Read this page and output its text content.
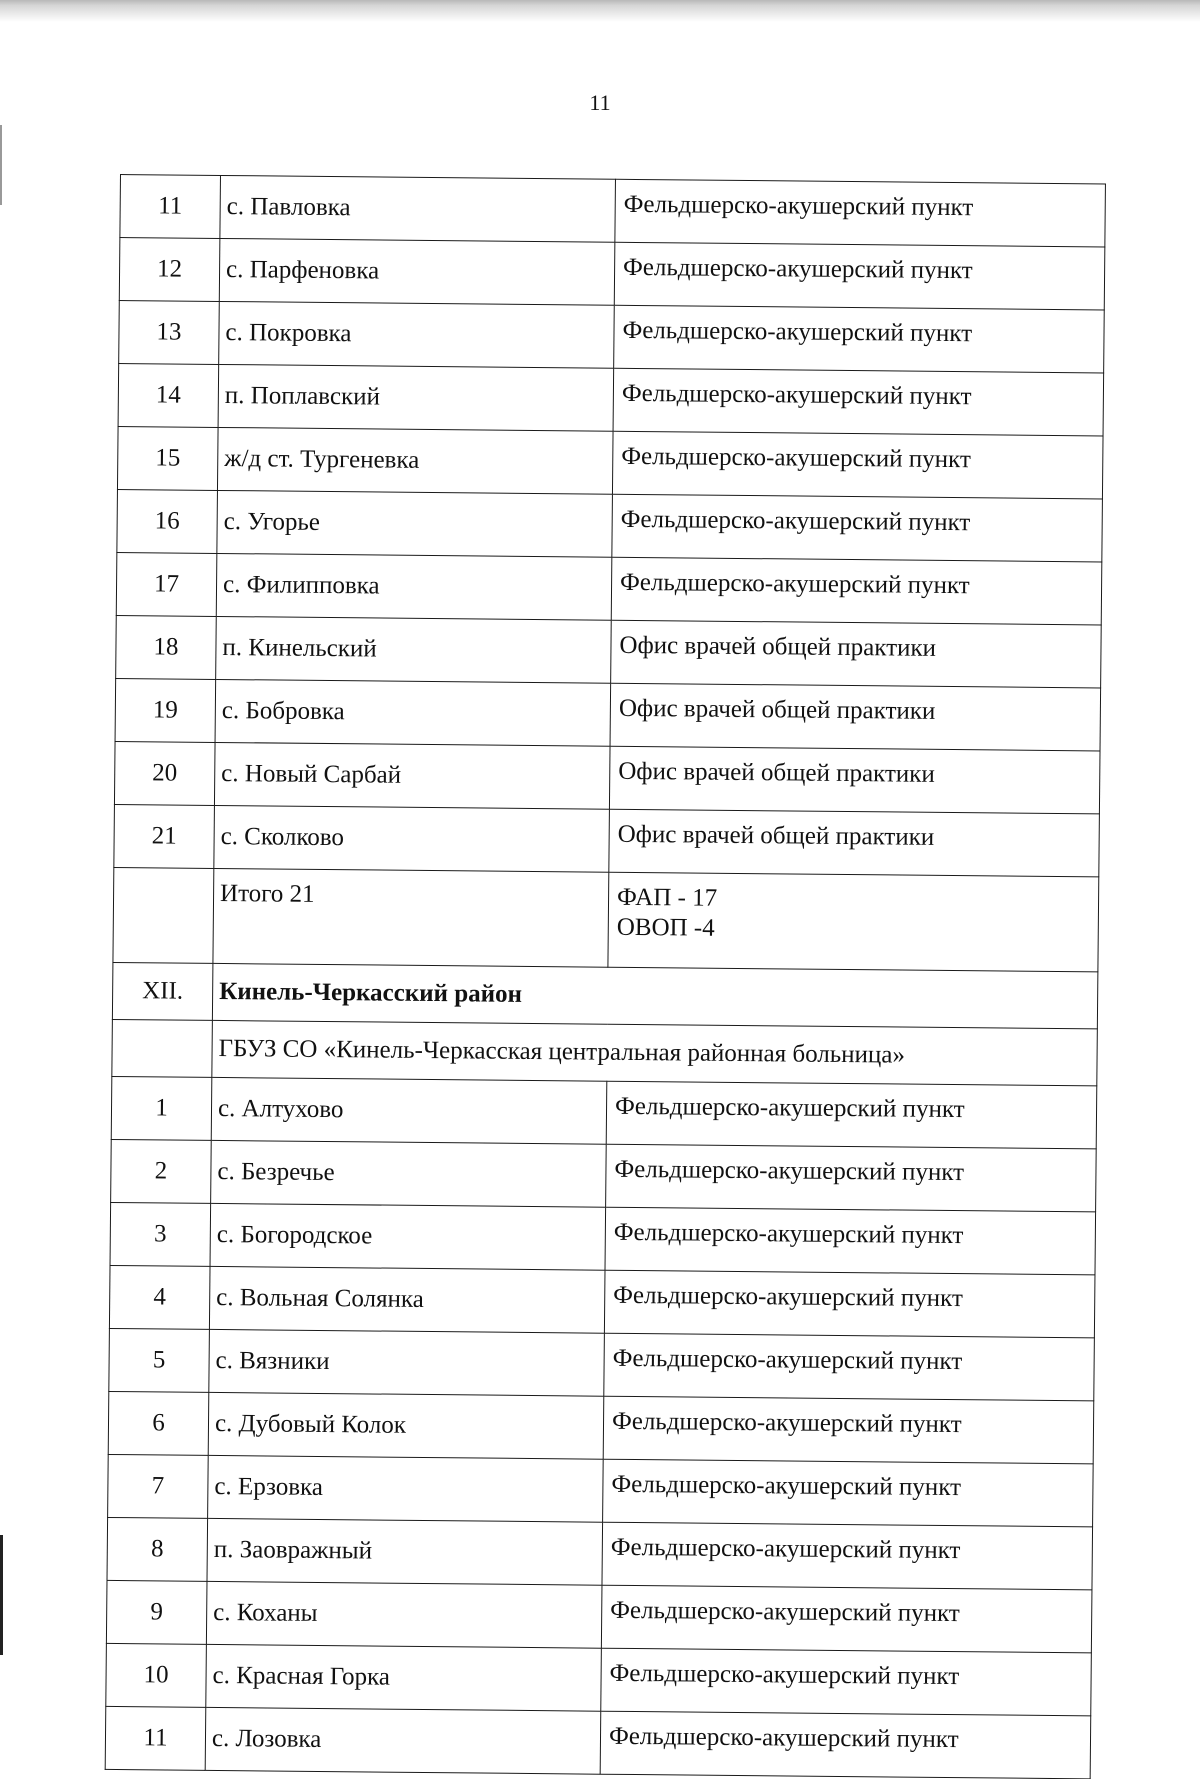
11
11	с. Павловка	Фельдшерско-акушерский пункт
12	с. Парфеновка	Фельдшерско-акушерский пункт
13	с. Покровка	Фельдшерско-акушерский пункт
14	п. Поплавский	Фельдшерско-акушерский пункт
15	ж/д ст. Тургеневка	Фельдшерско-акушерский пункт
16	с. Угорье	Фельдшерско-акушерский пункт
17	с. Филипповка	Фельдшерско-акушерский пункт
18	п. Кинельский	Офис врачей общей практики
19	с. Бобровка	Офис врачей общей практики
20	с. Новый Сарбай	Офис врачей общей практики
21	с. Сколково	Офис врачей общей практики
	Итого 21	ФАП - 17
ОВОП -4

XII.	Кинель-Черкасский район	
	ГБУЗ СО «Кинель-Черкасская центральная районная больница»	
1	с. Алтухово	Фельдшерско-акушерский пункт
2	с. Безречье	Фельдшерско-акушерский пункт
3	с. Богородское	Фельдшерско-акушерский пункт
4	с. Вольная Солянка	Фельдшерско-акушерский пункт
5	с. Вязники	Фельдшерско-акушерский пункт
6	с. Дубовый Колок	Фельдшерско-акушерский пункт
7	с. Ерзовка	Фельдшерско-акушерский пункт
8	п. Заовражный	Фельдшерско-акушерский пункт
9	с. Коханы	Фельдшерско-акушерский пункт
10	с. Красная Горка	Фельдшерско-акушерский пункт
11	с. Лозовка	Фельдшерско-акушерский пункт
